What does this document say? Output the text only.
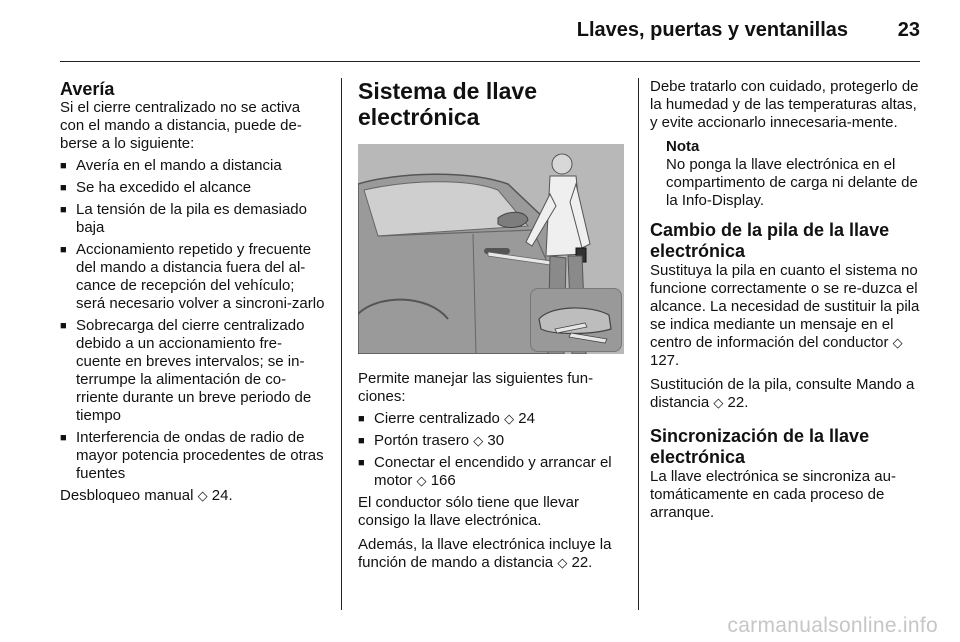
Llaves, puertas y ventanillas 23
Avería

Si el cierre centralizado no se activa con el mando a distancia, puede de-berse a lo siguiente:

■ Avería en el mando a distancia
■ Se ha excedido el alcance
■ La tensión de la pila es demasiado baja
■ Accionamiento repetido y frecuente del mando a distancia fuera del al-cance de recepción del vehículo; será necesario volver a sincroni-zarlo
■ Sobrecarga del cierre centralizado debido a un accionamiento fre-cuente en breves intervalos; se in-terrumpe la alimentación de co-rriente durante un breve periodo de tiempo
■ Interferencia de ondas de radio de mayor potencia procedentes de otras fuentes

Desbloqueo manual ◇ 24.

Sistema de llave electrónica

Permite manejar las siguientes fun-ciones:

■ Cierre centralizado ◇ 24
■ Portón trasero ◇ 30
■ Conectar el encendido y arrancar el motor ◇ 166

El conductor sólo tiene que llevar consigo la llave electrónica.

Además, la llave electrónica incluye la función de mando a distancia ◇ 22.

Debe tratarlo con cuidado, protegerlo de la humedad y de las temperaturas altas, y evite accionarlo innecesaria-mente.

Nota
No ponga la llave electrónica en el compartimento de carga ni delante de la Info-Display.
Cambio de la pila de la llave electrónica

Sustituya la pila en cuanto el sistema no funcione correctamente o se re-duzca el alcance. La necesidad de sustituir la pila se indica mediante un mensaje en el centro de información del conductor ◇ 127.

Sustitución de la pila, consulte Mando a distancia ◇ 22.

Sincronización de la llave electrónica

La llave electrónica se sincroniza au-tomáticamente en cada proceso de arranque.

carmanualsonline.info
